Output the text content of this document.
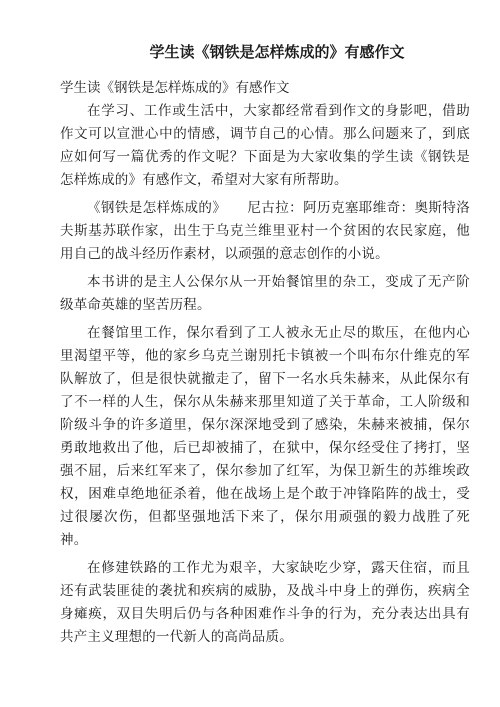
学生读《钢铁是怎样炼成的》有感作文
学生读《钢铁是怎样炼成的》有感作文

在学习、工作或生活中，大家都经常看到作文的身影吧，借助作文可以宣泄心中的情感，调节自己的心情。那么问题来了，到底应如何写一篇优秀的作文呢？下面是为大家收集的学生读《钢铁是怎样炼成的》有感作文，希望对大家有所帮助。

《钢铁是怎样炼成的》　　尼古拉：阿历克塞耶维奇：奥斯特洛夫斯基苏联作家，出生于乌克兰维里亚村一个贫困的农民家庭，他用自己的战斗经历作素材，以顽强的意志创作的小说。

本书讲的是主人公保尔从一开始餐馆里的杂工，变成了无产阶级革命英雄的坚苦历程。

在餐馆里工作，保尔看到了工人被永无止尽的欺压，在他内心里渴望平等，他的家乡乌克兰谢別托卡镇被一个叫布尔什维克的军队解放了，但是很快就撤走了，留下一名水兵朱赫来，从此保尔有了不一样的人生，保尔从朱赫来那里知道了关于革命，工人阶级和阶级斗争的许多道里，保尔深深地受到了感染，朱赫来被捕，保尔勇敢地救出了他，后已却被捕了，在狱中，保尔经受住了拷打，坚强不屈，后来红军来了，保尔参加了红军，为保卫新生的苏维埃政权，困难卓绝地征杀着，他在战场上是个敢于冲锋陷阵的战士，受过很屡次伤，但都坚强地活下来了，保尔用顽强的毅力战胜了死神。

在修建铁路的工作尤为艰辛，大家缺吃少穿，露天住宿，而且还有武装匪徒的袭扰和疾病的威胁，及战斗中身上的弹伤，疾病全身瘫痪，双目失明后仍与各种困难作斗争的行为，充分表达出具有共产主义理想的一代新人的高尚品质。
